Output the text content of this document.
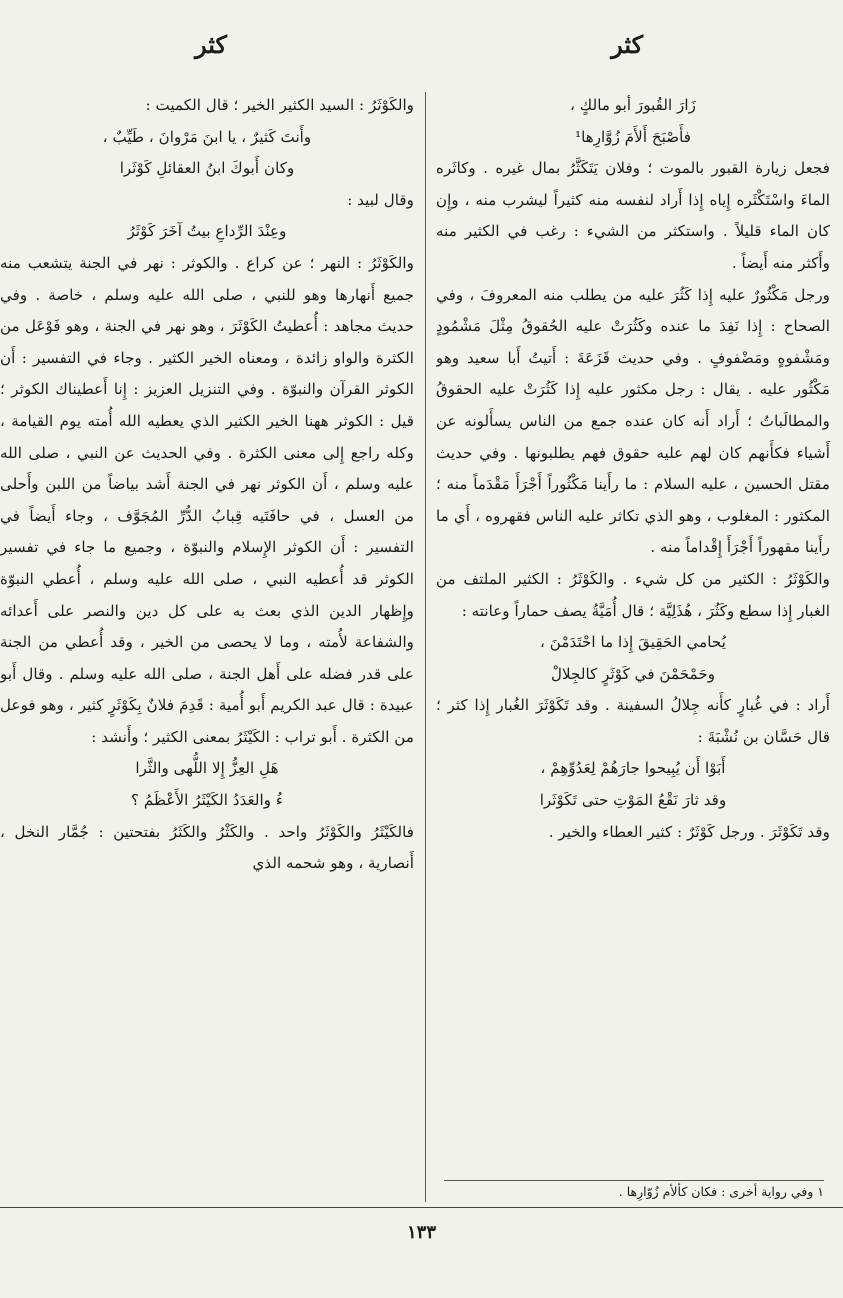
كثر
كثر

زَارَ القُبورَ أبو مالكٍ ،

فأَصْبَحَ أَلأَمَ زُوَّارِها¹

فجعل زيارة القبور بالموت ؛ وفلان يَتَكَثَّرُ بمال غيره . وكاثَره الماءَ واسْتَكْثَره إِياه إِذا أَراد لنفسه منه كثيراً ليشرب منه ، وإِن كان الماء قليلاً . واستكثر من الشيء : رغب في الكثير منه وأَكثر منه أَيضاً .

ورجل مَكْثُورٌ عليه إِذا كَثُرَ عليه من يطلب منه المعروفَ ، وفي الصحاح : إِذا نَفِدَ ما عنده وكَثُرَتْ عليه الحُقوقُ مِثْلَ مَشْمُودٍ ومَشْفوهٍ ومَضْفوفٍ . وفي حديث قَزَعَةَ : أَتيتُ أَبا سعيد وهو مَكْثُور عليه . يقال : رجل مكثور عليه إِذا كَثُرَتْ عليه الحقوقُ والمطالَباتُ ؛ أَراد أَنه كان عنده جمع من الناس يسأَلونه عن أَشياء فكأَنهم كان لهم عليه حقوق فهم يطلبونها . وفي حديث مقتل الحسين ، عليه السلام : ما رأَينا مَكْثُوراً أَجْرَأَ مَقْدَماً منه ؛ المكثور : المغلوب ، وهو الذي تكاثر عليه الناس فقهروه ، أَي ما رأَينا مقهوراً أَجْرَأَ إِقْداماً منه .

والكَوْثَرُ : الكثير من كل شيء . والكَوْثَرُ : الكثير الملتف من الغبار إِذا سطع وكَثُرَ ، هُذَلِيَّة ؛ قال أُمَيَّةُ يصف حماراً وعانته :

يُحامي الحَقِيقَ إِذا ما احْتَدَمْنَ ،

وحَمْحَمْنَ في كَوْثَرٍ كالجِلالْ

أَراد : في غُبارٍ كأَنه جِلالُ السفينة . وقد تَكَوْثَرَ الغُبار إِذا كثر ؛ قال حَسَّان بن نُشْبَةَ :

أَبَوْا أَن يُبِيحوا جارَهُمْ لِعَدُوِّهِمْ ،

وقد ثارَ نَقْعُ المَوْتِ حتى تَكَوْثَرا

وقد تَكَوْثَرَ . ورجل كَوْثَرٌ : كثير العطاء والخير .

والكَوْثَرُ : السيد الكثير الخير ؛ قال الكميت :

وأَنتَ كَثيرٌ ، يا ابنَ مَرْوانَ ، طَيِّبٌ ،

وكان أَبوكَ ابنُ العقائلِ كَوْثَرا

وقال لبيد :

وعِنْدَ الرِّداعِ بيتُ آخَرَ كَوْثَرُ

والكَوْثَرُ : النهر ؛ عن كراع . والكوثر : نهر في الجنة يتشعب منه جميع أَنهارها وهو للنبي ، صلى الله عليه وسلم ، خاصة . وفي حديث مجاهد : أُعطيتُ الكَوْثَرَ ، وهو نهر في الجنة ، وهو فَوْعَل من الكثرة والواو زائدة ، ومعناه الخير الكثير . وجاء في التفسير : أَن الكوثر القرآن والنبوّة . وفي التنزيل العزيز : إِنا أَعطيناك الكوثر ؛ قيل : الكوثر ههنا الخير الكثير الذي يعطيه الله أُمته يوم القيامة ، وكله راجع إِلى معنى الكثرة . وفي الحديث عن النبي ، صلى الله عليه وسلم ، أَن الكوثر نهر في الجنة أَشد بياضاً من اللبن وأَحلى من العسل ، في حافَتَيه قِبابُ الدُّرِّ المُجَوَّف ، وجاء أَيضاً في التفسير : أَن الكوثر الإِسلام والنبوّة ، وجميع ما جاء في تفسير الكوثر قد أُعطيه النبي ، صلى الله عليه وسلم ، أُعطي النبوّة وإِظهار الدين الذي بعث به على كل دين والنصر على أَعدائه والشفاعة لأُمته ، وما لا يحصى من الخير ، وقد أُعطي من الجنة على قدر فضله على أَهل الجنة ، صلى الله عليه وسلم . وقال أَبو عبيدة : قال عبد الكريم أَبو أُمية : قَدِمَ فلانٌ بِكَوْثَرٍ كثير ، وهو فوعل من الكثرة . أَبو تراب : الكَيْثَرُ بمعنى الكثير ؛ وأَنشد :

هَلِ العِزُّ إِلا اللُّهى والثَّرا

ءُ والعَدَدُ الكَيْثَرُ الأَعْظَمُ ؟

فالكَيْثَرُ والكَوْثَرُ واحد . والكَثْرُ والكَثَرُ بفتحتين : جُمَّار النخل ، أَنصارية ، وهو شحمه الذي

١ وفي رواية أخرى : فكان كألأم زُوّارِها .
١٣٣
